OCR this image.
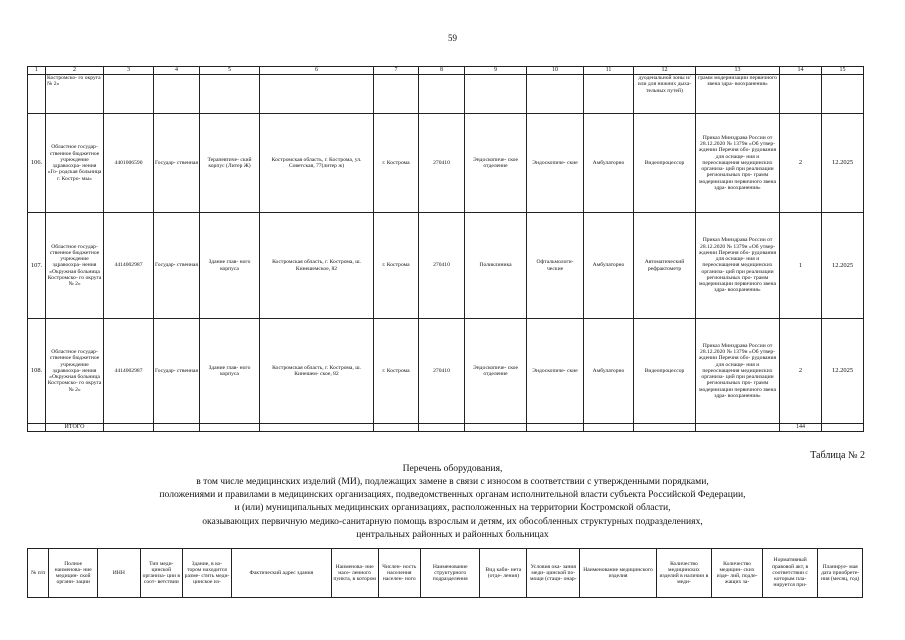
59
1	2	3	4	5	6	7	8	9	10	11	12	13	14	15
	Костромско- го округа № 2»										дуоденальной зоны и/или для нижних дыха- тельных путей)	грамм модернизации первичного звена здра- воохранения»		
106.	Областное государ- ственное бюджетное учреждение здравоохра- нения «Го- родская больница г. Костро- мы»	4401006590	Государ- ственная	Терапевтиче- ский корпус (Литер Ж)	Костромская область, г. Кострома, ул. Советская, 77(литер ж)	г. Кострома	270410	Эндоскопиче- ское отделение	Эндоскопиче- ские	Амбулаторно	Видеопроцессор	Приказ Минздрава России от 28.12.2020 № 1379н «Об утвер- ждении Перечня обо- рудования для оснаще- ния и переоснащения медицинских организа- ций при реализации региональных про- грамм модернизации первичного звена здра- воохранения»	2	12.2025
107.	Областное государ- ственное бюджетное учреждение здравоохра- нения «Окружная больница Костромско- го округа № 2»	4414002987	Государ- ственная	Здание глав- ного корпуса	Костромская область, г. Кострома, ш. Кинешемское, 82	г. Кострома	270410	Поликлиника	Офтальмологи- ческие	Амбулаторно	Автоматический рефрактометр	Приказ Минздрава России от 28.12.2020 № 1379н «Об утвер- ждении Перечня обо- рудования для оснаще- ния и переоснащения медицинских организа- ций при реализации региональных про- грамм модернизации первичного звена здра- воохранения»	1	12.2025
108.	Областное государ- ственное бюджетное учреждение здравоохра- нения «Окружная больница Костромско- го округа № 2»	4414002987	Государ- ственная	Здание глав- ного корпуса	Костромская область, г. Кострома, ш. Кинешем- ское, 82	г. Кострома	270410	Эндоскопиче- ское отделение	Эндоскопиче- ские	Амбулаторно	Видеопроцессор	Приказ Минздрава России от 28.12.2020 № 1379н «Об утвер- ждении Перечня обо- рудования для оснаще- ния и переоснащения медицинских организа- ций при реализации региональных про- грамм модернизации первичного звена здра- воохранения»	2	12.2025
	ИТОГО												144	
Таблица № 2
Перечень оборудования,
в том числе медицинских изделий (МИ), подлежащих замене в связи с износом в соответствии с утвержденными порядками,
положениями и правилами в медицинских организациях, подведомственных органам исполнительной власти субъекта Российской Федерации,
и (или) муниципальных медицинских организациях, расположенных на территории Костромской области,
оказывающих первичную медико-санитарную помощь взрослым и детям, их обособленных структурных подразделениях,
центральных районных и районных больницах
№ п/п	Полное наименова- ние медицин- ской органи- зации	ИНН	Тип меди- цинской организа- ции в соот- ветствии	Здание, в ко- тором находится разме- стить меди- цинское из-	Фактический адрес здания	Наименова- ние насе- ленного пункта, в котором	Числен- ность населения населен- ного	Наименование структурного подразделения	Вид каби- нета (отде- ления)	Условия ока- зания меди- цинской по- мощи (стаци- онар-	Наименование медицинского изделия	Количество медицинских изделий в наличии в меди-	Количество медицин- ских изде- лий, подле- жащих за-	Нормативный правовой акт, в соответствии с которым пла- нируется при-	Планируе- мая дата приобрете- ния (месяц, год)
